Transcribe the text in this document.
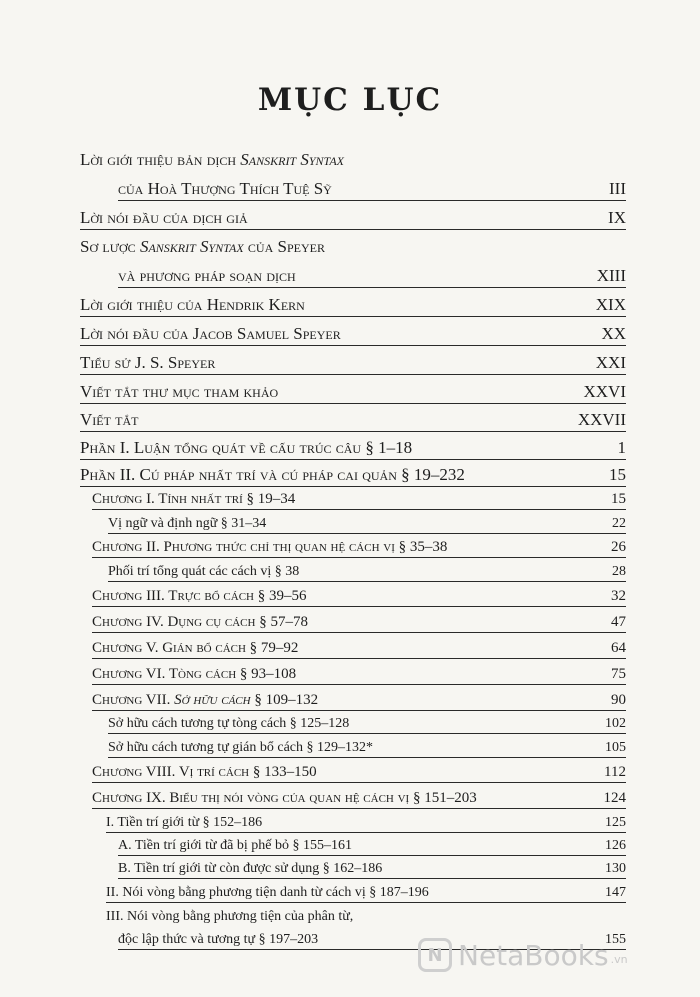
MỤC LỤC
Lời giới thiệu bản dịch Sanskrit Syntax
của Hoà Thượng Thích Tuệ Sỹ	III
Lời nói đầu của dịch giả	IX
Sơ lược Sanskrit Syntax của Speyer
và phương pháp soạn dịch	XIII
Lời giới thiệu của Hendrik Kern	XIX
Lời nói đầu của Jacob Samuel Speyer	XX
Tiểu sử J. S. Speyer	XXI
Viết tắt thư mục tham khảo	XXVI
Viết tắt	XXVII
Phần I. Luận tổng quát về cấu trúc câu § 1–18	1
Phần II. Cú pháp nhất trí và cú pháp cai quản § 19–232	15
Chương I. Tính nhất trí § 19–34	15
Vị ngữ và định ngữ § 31–34	22
Chương II. Phương thức chỉ thị quan hệ cách vị § 35–38	26
Phối trí tổng quát các cách vị § 38	28
Chương III. Trực bổ cách § 39–56	32
Chương IV. Dụng cụ cách § 57–78	47
Chương V. Gián bổ cách § 79–92	64
Chương VI. Tòng cách § 93–108	75
Chương VII. Sở hữu cách § 109–132	90
Sở hữu cách tương tự tòng cách § 125–128	102
Sở hữu cách tương tự gián bổ cách § 129–132*	105
Chương VIII. Vị trí cách § 133–150	112
Chương IX. Biểu thị nói vòng của quan hệ cách vị § 151–203	124
I. Tiền trí giới từ § 152–186	125
A. Tiền trí giới từ đã bị phế bỏ § 155–161	126
B. Tiền trí giới từ còn được sử dụng § 162–186	130
II. Nói vòng bằng phương tiện danh từ cách vị § 187–196	147
III. Nói vòng bằng phương tiện của phân từ,
độc lập thức và tương tự § 197–203	155
N NetaBooks .vn
